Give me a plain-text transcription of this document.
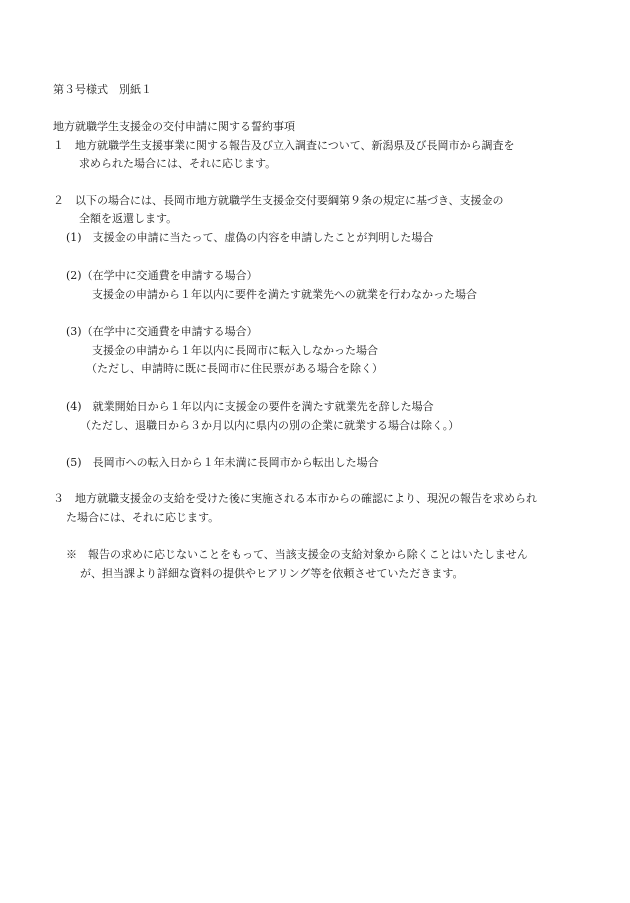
第３号様式　別紙１
地方就職学生支援金の交付申請に関する誓約事項
１　地方就職学生支援事業に関する報告及び立入調査について、新潟県及び長岡市から調査を
求められた場合には、それに応じます。
２　以下の場合には、長岡市地方就職学生支援金交付要綱第９条の規定に基づき、支援金の
全額を返還します。
(1)　支援金の申請に当たって、虚偽の内容を申請したことが判明した場合
(2)（在学中に交通費を申請する場合）
支援金の申請から１年以内に要件を満たす就業先への就業を行わなかった場合
(3)（在学中に交通費を申請する場合）
支援金の申請から１年以内に長岡市に転入しなかった場合
（ただし、申請時に既に長岡市に住民票がある場合を除く）
(4)　就業開始日から１年以内に支援金の要件を満たす就業先を辞した場合
（ただし、退職日から３か月以内に県内の別の企業に就業する場合は除く。）
(5)　長岡市への転入日から１年未満に長岡市から転出した場合
３　地方就職支援金の支給を受けた後に実施される本市からの確認により、現況の報告を求められ
た場合には、それに応じます。
※　報告の求めに応じないことをもって、当該支援金の支給対象から除くことはいたしません
が、担当課より詳細な資料の提供やヒアリング等を依頼させていただきます。
